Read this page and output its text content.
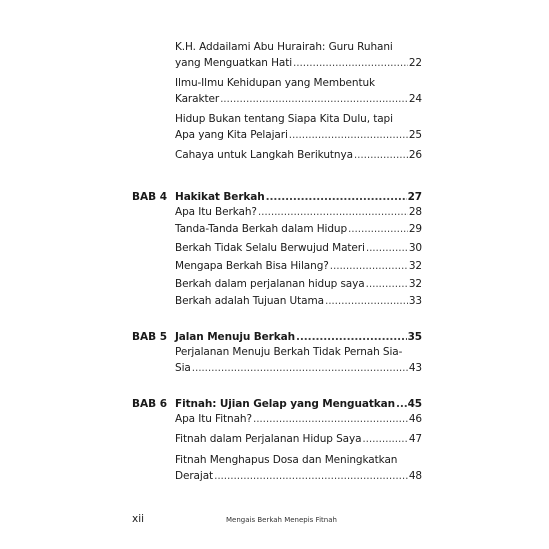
K.H. Addailami Abu Hurairah: Guru Ruhani
yang Menguatkan Hati .....	22
Ilmu-Ilmu Kehidupan yang Membentuk
Karakter .....	24
Hidup Bukan tentang Siapa Kita Dulu, tapi
Apa yang Kita Pelajari .....	25
Cahaya untuk Langkah Berikutnya .....	26
BAB 4 Hakikat Berkah .....	27
Apa Itu Berkah? .....	28
Tanda-Tanda Berkah dalam Hidup .....	29
Berkah Tidak Selalu Berwujud Materi .....	30
Mengapa Berkah Bisa Hilang? .....	32
Berkah dalam perjalanan hidup saya .....	32
Berkah adalah Tujuan Utama .....	33
BAB 5 Jalan Menuju Berkah .....	35
Perjalanan Menuju Berkah Tidak Pernah Sia-
Sia .....	43
BAB 6 Fitnah: Ujian Gelap yang Menguatkan ..... 45
Apa Itu Fitnah? .....	46
Fitnah dalam Perjalanan Hidup Saya .....	47
Fitnah Menghapus Dosa dan Meningkatkan
Derajat .....	48
xii	Mengais Berkah Menepis Fitnah
